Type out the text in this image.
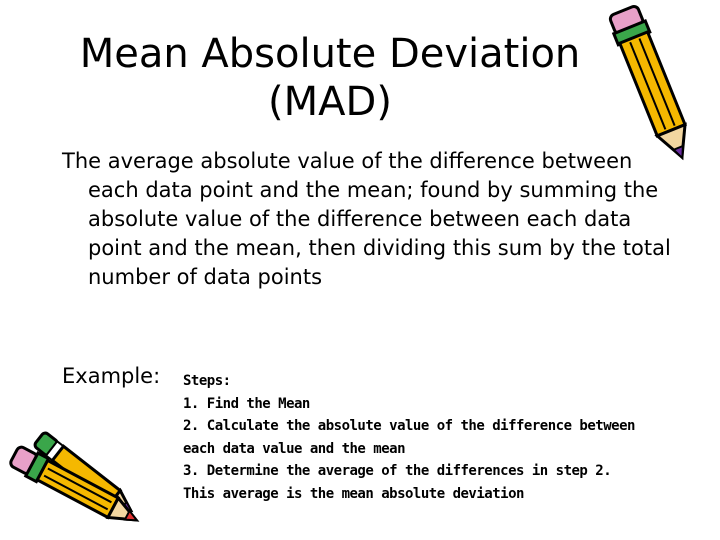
Mean Absolute Deviation
(MAD)

The average absolute value of the difference between each data point and the mean; found by summing the absolute value of the difference between each data point and the mean, then dividing this sum by the total number of data points

Example: Steps:
1. Find the Mean
2. Calculate the absolute value of the difference between
each data value and the mean
3. Determine the average of the differences in step 2.
This average is the mean absolute deviation
